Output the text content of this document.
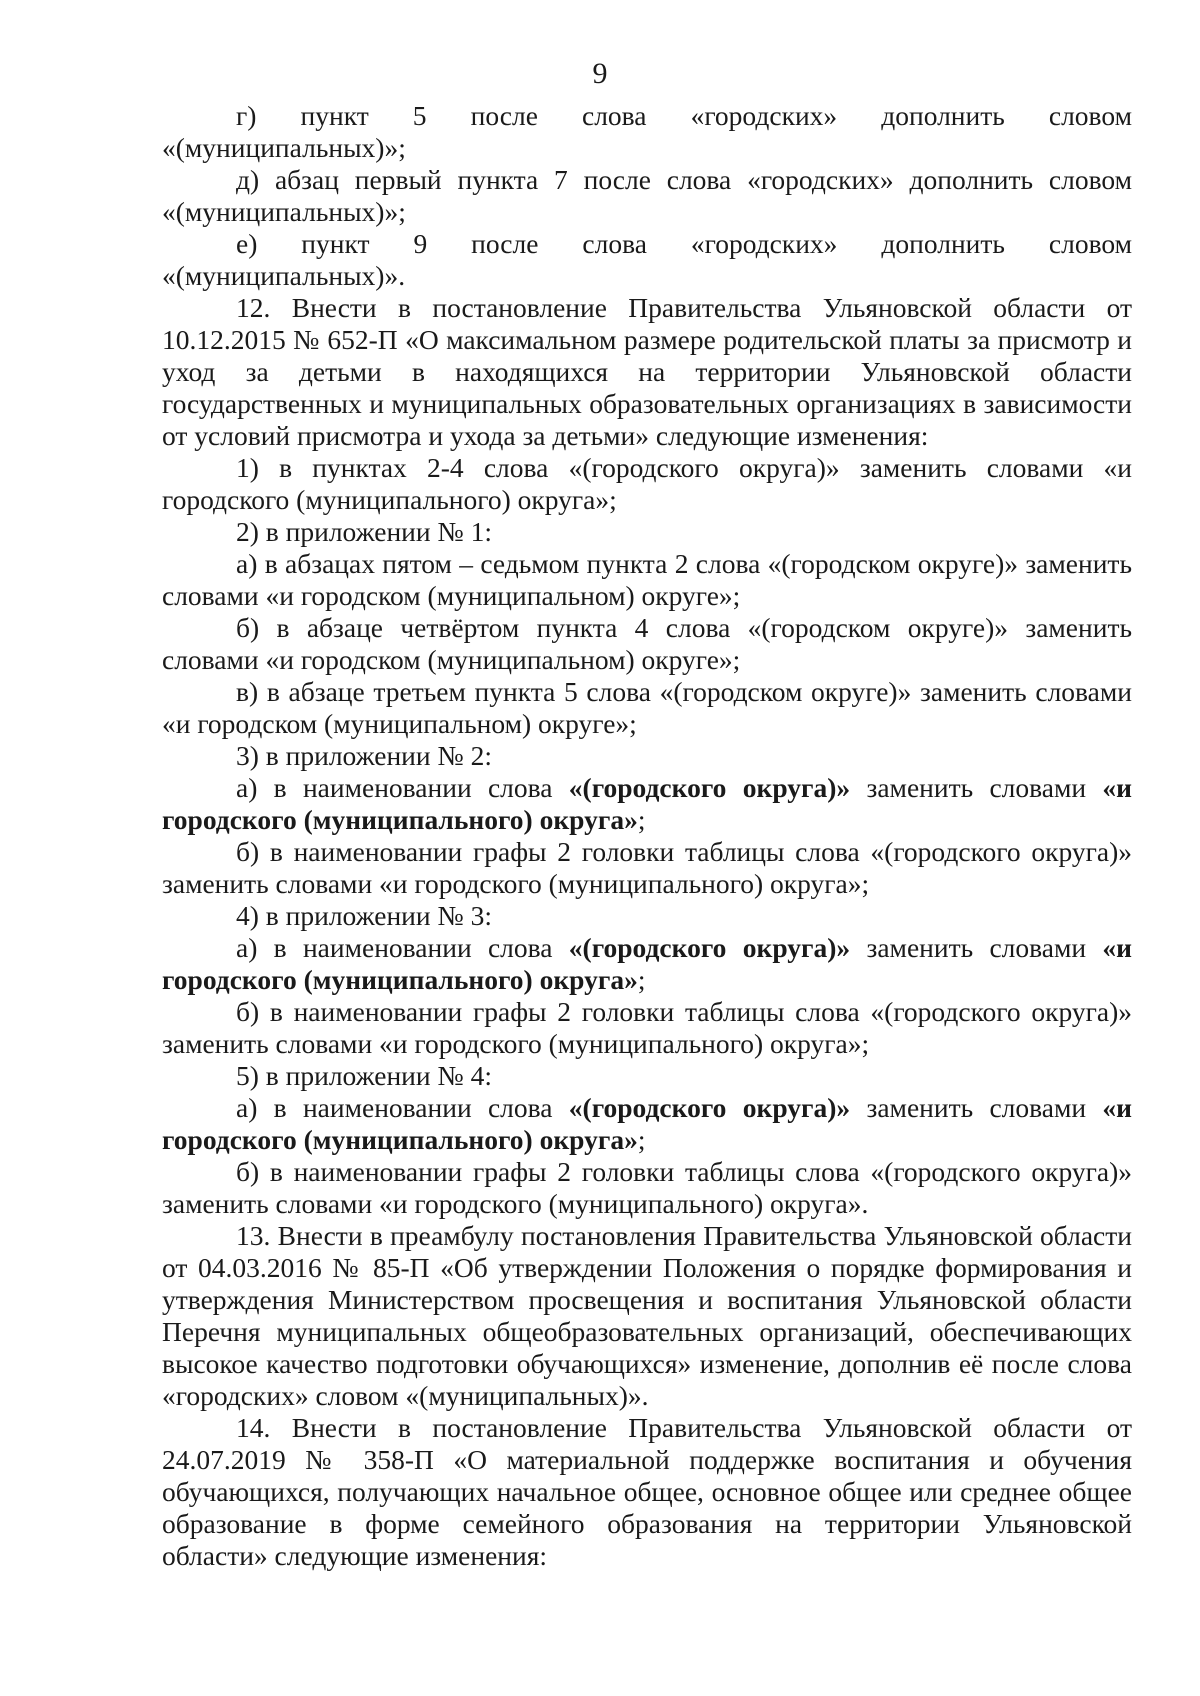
9

г) пункт 5 после слова «городских» дополнить словом

«(муниципальных)»;

д) абзац первый пункта 7 после слова «городских» дополнить словом

«(муниципальных)»;

е) пункт 9 после слова «городских» дополнить словом

«(муниципальных)».

12. Внести в постановление Правительства Ульяновской области от 10.12.2015 № 652-П «О максимальном размере родительской платы за присмотр и уход за детьми в находящихся на территории Ульяновской области государственных и муниципальных образовательных организациях в зависимости от условий присмотра и ухода за детьми» следующие изменения:

1) в пунктах 2-4 слова «(городского округа)» заменить словами «и городского (муниципального) округа»;

2) в приложении № 1:

а) в абзацах пятом – седьмом пункта 2 слова «(городском округе)» заменить словами «и городском (муниципальном) округе»;

б) в абзаце четвёртом пункта 4 слова «(городском округе)» заменить словами «и городском (муниципальном) округе»;

в) в абзаце третьем пункта 5 слова «(городском округе)» заменить словами «и городском (муниципальном) округе»;

3) в приложении № 2:

а) в наименовании слова «(городского округа)» заменить словами «и городского (муниципального) округа»;

б) в наименовании графы 2 головки таблицы слова «(городского округа)» заменить словами «и городского (муниципального) округа»;

4) в приложении № 3:

а) в наименовании слова «(городского округа)» заменить словами «и городского (муниципального) округа»;

б) в наименовании графы 2 головки таблицы слова «(городского округа)» заменить словами «и городского (муниципального) округа»;

5) в приложении № 4:

а) в наименовании слова «(городского округа)» заменить словами «и городского (муниципального) округа»;

б) в наименовании графы 2 головки таблицы слова «(городского округа)» заменить словами «и городского (муниципального) округа».

13. Внести в преамбулу постановления Правительства Ульяновской области от 04.03.2016 № 85-П «Об утверждении Положения о порядке формирования и утверждения Министерством просвещения и воспитания Ульяновской области Перечня муниципальных общеобразовательных организаций, обеспечивающих высокое качество подготовки обучающихся» изменение, дополнив её после слова «городских» словом «(муниципальных)».

14. Внести в постановление Правительства Ульяновской области от 24.07.2019 № 358-П «О материальной поддержке воспитания и обучения обучающихся, получающих начальное общее, основное общее или среднее общее образование в форме семейного образования на территории Ульяновской области» следующие изменения:
